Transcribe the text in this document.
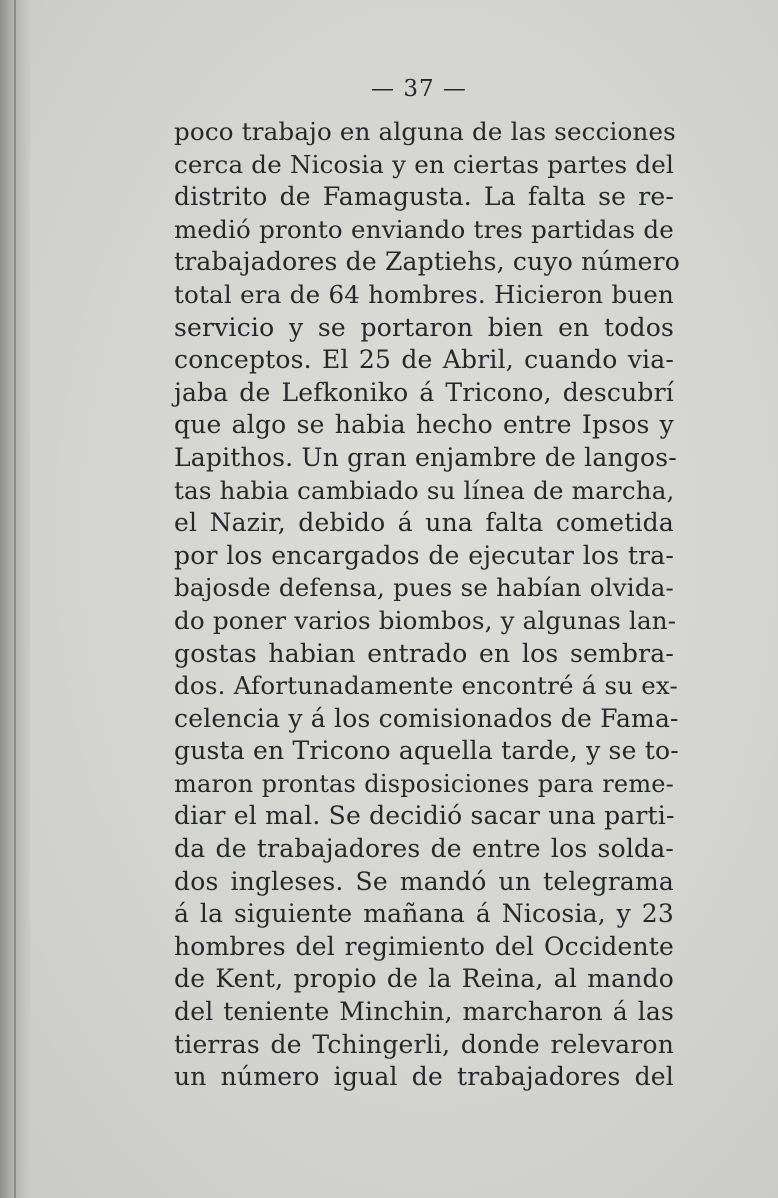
— 37 —
poco trabajo en alguna de las secciones
cerca de Nicosia y en ciertas partes del
distrito de Famagusta. La falta se re-
medió pronto enviando tres partidas de
trabajadores de Zaptiehs, cuyo número
total era de 64 hombres. Hicieron buen
servicio y se portaron bien en todos
conceptos. El 25 de Abril, cuando via-
jaba de Lefkoniko á Tricono, descubrí
que algo se habia hecho entre Ipsos y
Lapithos. Un gran enjambre de langos-
tas habia cambiado su línea de marcha,
el Nazir, debido á una falta cometida
por los encargados de ejecutar los tra-
bajosde defensa, pues se habían olvida-
do poner varios biombos, y algunas lan-
gostas habian entrado en los sembra-
dos. Afortunadamente encontré á su ex-
celencia y á los comisionados de Fama-
gusta en Tricono aquella tarde, y se to-
maron prontas disposiciones para reme-
diar el mal. Se decidió sacar una parti-
da de trabajadores de entre los solda-
dos ingleses. Se mandó un telegrama
á la siguiente mañana á Nicosia, y 23
hombres del regimiento del Occidente
de Kent, propio de la Reina, al mando
del teniente Minchin, marcharon á las
tierras de Tchingerli, donde relevaron
un número igual de trabajadores del
